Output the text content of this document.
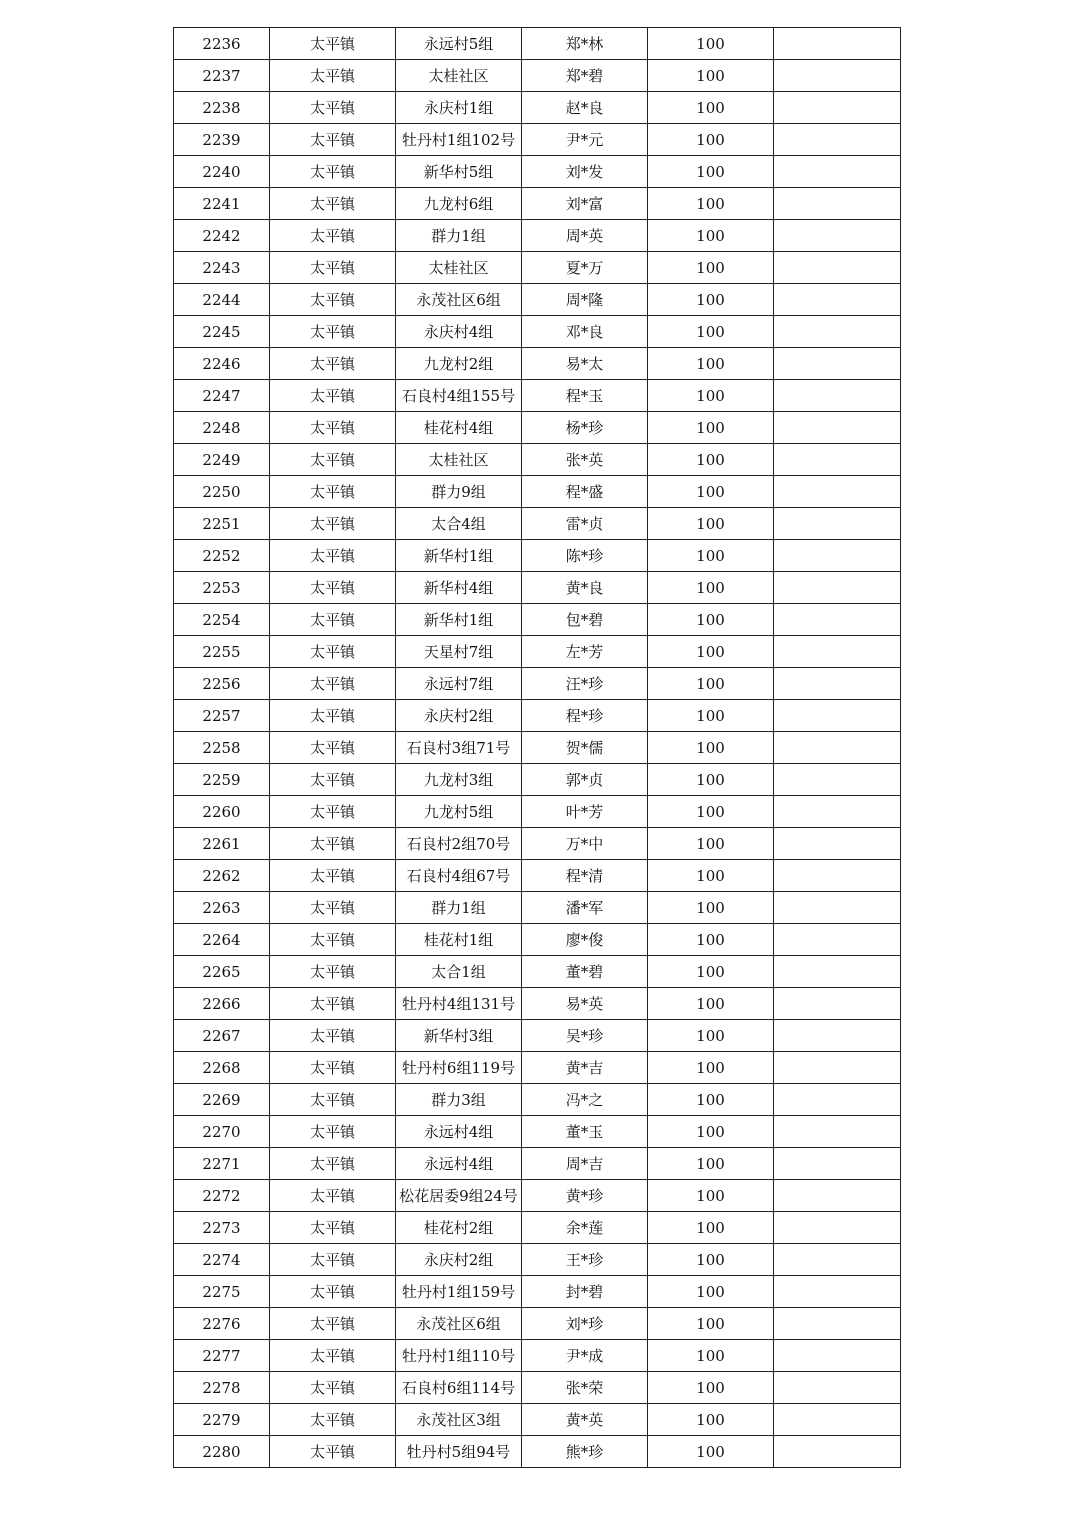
2236	太平镇	永远村5组	郑*林	100	
2237	太平镇	太桂社区	郑*碧	100	
2238	太平镇	永庆村1组	赵*良	100	
2239	太平镇	牡丹村1组102号	尹*元	100	
2240	太平镇	新华村5组	刘*发	100	
2241	太平镇	九龙村6组	刘*富	100	
2242	太平镇	群力1组	周*英	100	
2243	太平镇	太桂社区	夏*万	100	
2244	太平镇	永茂社区6组	周*隆	100	
2245	太平镇	永庆村4组	邓*良	100	
2246	太平镇	九龙村2组	易*太	100	
2247	太平镇	石良村4组155号	程*玉	100	
2248	太平镇	桂花村4组	杨*珍	100	
2249	太平镇	太桂社区	张*英	100	
2250	太平镇	群力9组	程*盛	100	
2251	太平镇	太合4组	雷*贞	100	
2252	太平镇	新华村1组	陈*珍	100	
2253	太平镇	新华村4组	黄*良	100	
2254	太平镇	新华村1组	包*碧	100	
2255	太平镇	天星村7组	左*芳	100	
2256	太平镇	永远村7组	汪*珍	100	
2257	太平镇	永庆村2组	程*珍	100	
2258	太平镇	石良村3组71号	贺*儒	100	
2259	太平镇	九龙村3组	郭*贞	100	
2260	太平镇	九龙村5组	叶*芳	100	
2261	太平镇	石良村2组70号	万*中	100	
2262	太平镇	石良村4组67号	程*清	100	
2263	太平镇	群力1组	潘*军	100	
2264	太平镇	桂花村1组	廖*俊	100	
2265	太平镇	太合1组	董*碧	100	
2266	太平镇	牡丹村4组131号	易*英	100	
2267	太平镇	新华村3组	吴*珍	100	
2268	太平镇	牡丹村6组119号	黄*吉	100	
2269	太平镇	群力3组	冯*之	100	
2270	太平镇	永远村4组	董*玉	100	
2271	太平镇	永远村4组	周*吉	100	
2272	太平镇	松花居委9组24号	黄*珍	100	
2273	太平镇	桂花村2组	余*莲	100	
2274	太平镇	永庆村2组	王*珍	100	
2275	太平镇	牡丹村1组159号	封*碧	100	
2276	太平镇	永茂社区6组	刘*珍	100	
2277	太平镇	牡丹村1组110号	尹*成	100	
2278	太平镇	石良村6组114号	张*荣	100	
2279	太平镇	永茂社区3组	黄*英	100	
2280	太平镇	牡丹村5组94号	熊*珍	100	
